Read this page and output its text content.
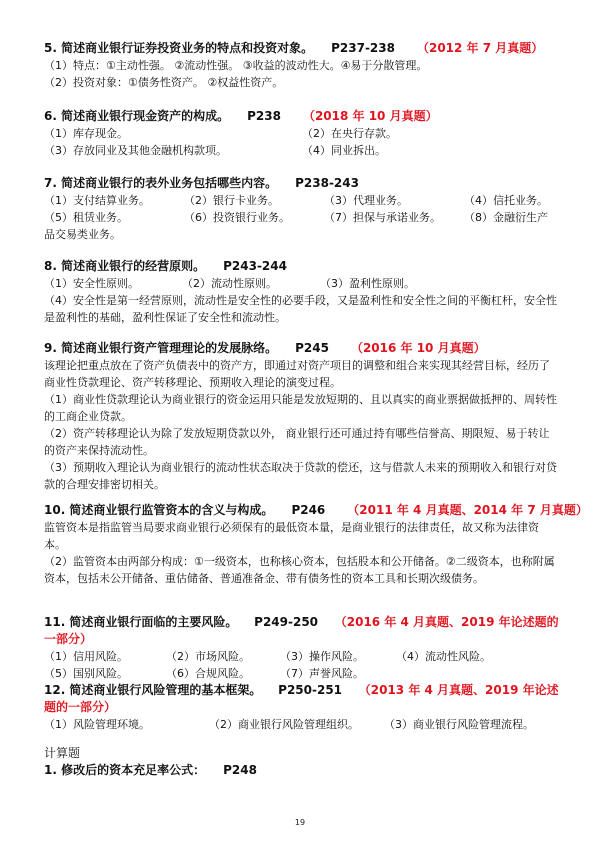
5. 简述商业银行证券投资业务的特点和投资对象。 P237-238 （2012 年 7 月真题）
（1）特点：①主动性强。 ②流动性强。 ③收益的波动性大。④易于分散管理。
（2）投资对象：①债务性资产。 ②权益性资产。
6. 简述商业银行现金资产的构成。 P238 （2018 年 10 月真题）
（1）库存现金。	（2）在央行存款。
（3）存放同业及其他金融机构款项。	（4）同业拆出。
7. 简述商业银行的表外业务包括哪些内容。 P238-243
（1）支付结算业务。	（2）银行卡业务。	（3）代理业务。	（4）信托业务。
（5）租赁业务。	（6）投资银行业务。	（7）担保与承诺业务。	（8）金融衍生产
品交易类业务。
8. 简述商业银行的经营原则。 P243-244
（1）安全性原则。	（2）流动性原则。	（3）盈利性原则。
（4）安全性是第一经营原则，流动性是安全性的必要手段，又是盈利性和安全性之间的平衡杠杆，安全性是盈利性的基础，盈利性保证了安全性和流动性。
9. 简述商业银行资产管理理论的发展脉络。 P245 （2016 年 10 月真题）
该理论把重点放在了资产负债表中的资产方，即通过对资产项目的调整和组合来实现其经营目标，经历了商业性贷款理论、资产转移理论、预期收入理论的演变过程。
（1）商业性贷款理论认为商业银行的资金运用只能是发放短期的、且以真实的商业票据做抵押的、周转性的工商企业贷款。
（2）资产转移理论认为除了发放短期贷款以外， 商业银行还可通过持有哪些信誉高、期限短、易于转让的资产来保持流动性。
（3）预期收入理论认为商业银行的流动性状态取决于贷款的偿还，这与借款人未来的预期收入和银行对贷款的合理安排密切相关。
10. 简述商业银行监管资本的含义与构成。 P246 （2011 年 4 月真题、2014 年 7 月真题）
监管资本是指监管当局要求商业银行必须保有的最低资本量，是商业银行的法律责任，故又称为法律资本。
（2）监管资本由两部分构成：①一级资本，也称核心资本，包括股本和公开储备。②二级资本，也称附属资本，包括未公开储备、重估储备、普通准备金、带有债务性的资本工具和长期次级债务。
11. 简述商业银行面临的主要风险。 P249-250 （2016 年 4 月真题、2019 年论述题的一部分）
（1）信用风险。	（2）市场风险。	（3）操作风险。	（4）流动性风险。
（5）国别风险。	（6）合规风险。	（7）声誉风险。
12. 简述商业银行风险管理的基本框架。 P250-251 （2013 年 4 月真题、2019 年论述题的一部分）
（1）风险管理环境。	（2）商业银行风险管理组织。	（3）商业银行风险管理流程。
计算题
1. 修改后的资本充足率公式： P248
19
